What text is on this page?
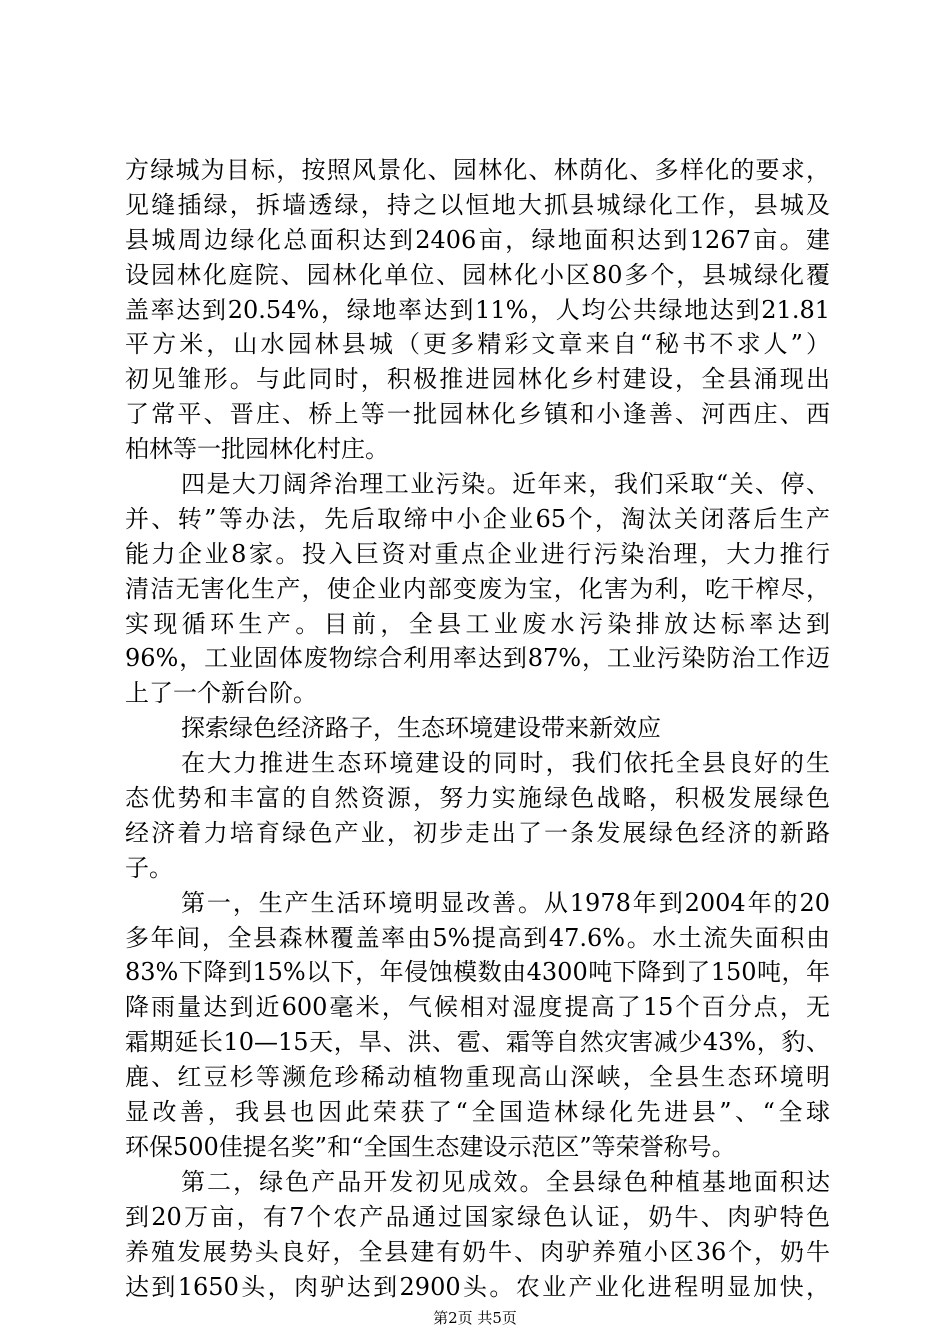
方绿城为目标，按照风景化、园林化、林荫化、多样化的要求，
见缝插绿，拆墙透绿，持之以恒地大抓县城绿化工作，县城及
县城周边绿化总面积达到2406亩，绿地面积达到1267亩。建
设园林化庭院、园林化单位、园林化小区80多个，县城绿化覆
盖率达到20.54%，绿地率达到11%，人均公共绿地达到21.81
平方米，山水园林县城（更多精彩文章来自“秘书不求人”）
初见雏形。与此同时，积极推进园林化乡村建设，全县涌现出
了常平、晋庄、桥上等一批园林化乡镇和小逢善、河西庄、西
柏林等一批园林化村庄。
四是大刀阔斧治理工业污染。近年来，我们采取“关、停、
并、转”等办法，先后取缔中小企业65个，淘汰关闭落后生产
能力企业8家。投入巨资对重点企业进行污染治理，大力推行
清洁无害化生产，使企业内部变废为宝，化害为利，吃干榨尽，
实现循环生产。目前，全县工业废水污染排放达标率达到
96%，工业固体废物综合利用率达到87%，工业污染防治工作迈
上了一个新台阶。
探索绿色经济路子，生态环境建设带来新效应
在大力推进生态环境建设的同时，我们依托全县良好的生
态优势和丰富的自然资源，努力实施绿色战略，积极发展绿色
经济着力培育绿色产业，初步走出了一条发展绿色经济的新路
子。
第一，生产生活环境明显改善。从1978年到2004年的20
多年间，全县森林覆盖率由5%提高到47.6%。水土流失面积由
83%下降到15%以下，年侵蚀模数由4300吨下降到了150吨，年
降雨量达到近600毫米，气候相对湿度提高了15个百分点，无
霜期延长10—15天，旱、洪、雹、霜等自然灾害减少43%，豹、
鹿、红豆杉等濒危珍稀动植物重现高山深峡，全县生态环境明
显改善，我县也因此荣获了“全国造林绿化先进县”、“全球
环保500佳提名奖”和“全国生态建设示范区”等荣誉称号。
第二，绿色产品开发初见成效。全县绿色种植基地面积达
到20万亩，有7个农产品通过国家绿色认证，奶牛、肉驴特色
养殖发展势头良好，全县建有奶牛、肉驴养殖小区36个，奶牛
达到1650头，肉驴达到2900头。农业产业化进程明显加快，
第2页 共5页
